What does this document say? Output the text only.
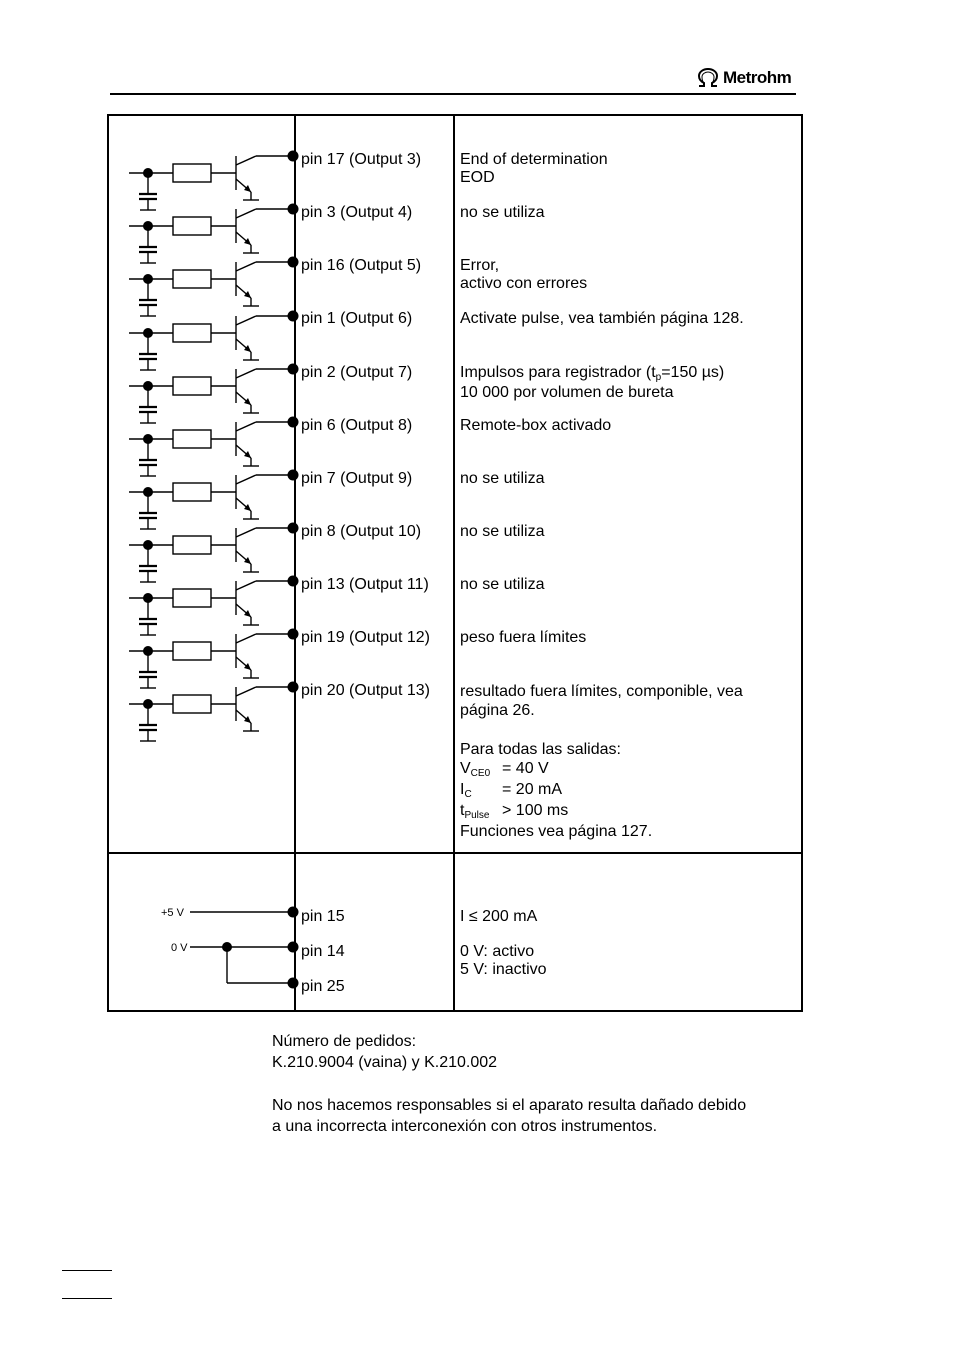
Metrohm
pin 17 (Output 3)
pin 3 (Output 4)
pin 16 (Output 5)
pin 1 (Output 6)
pin 2 (Output 7)
pin 6 (Output 8)
pin 7 (Output 9)
pin 8 (Output 10)
pin 13 (Output 11)
pin 19 (Output 12)
pin 20 (Output 13)
End of determination
EOD
no se utiliza
Error,
activo con errores
Activate pulse, vea también página 128.
Impulsos para registrador (tp=150 µs)
10 000 por volumen de bureta
Remote-box activado
no se utiliza
no se utiliza
no se utiliza
peso fuera límites
resultado fuera límites, componible, vea
página 26.
Para todas las salidas:
VCE0 = 40 V
IC = 20 mA
tPulse > 100 ms
Funciones vea página 127.
+5 V
0 V
pin 15
pin 14
pin 25
I ≤ 200 mA
0 V: activo
5 V: inactivo
Número de pedidos:
K.210.9004 (vaina) y K.210.002
No nos hacemos responsables si el aparato resulta dañado debido
a una incorrecta interconexión con otros instrumentos.
